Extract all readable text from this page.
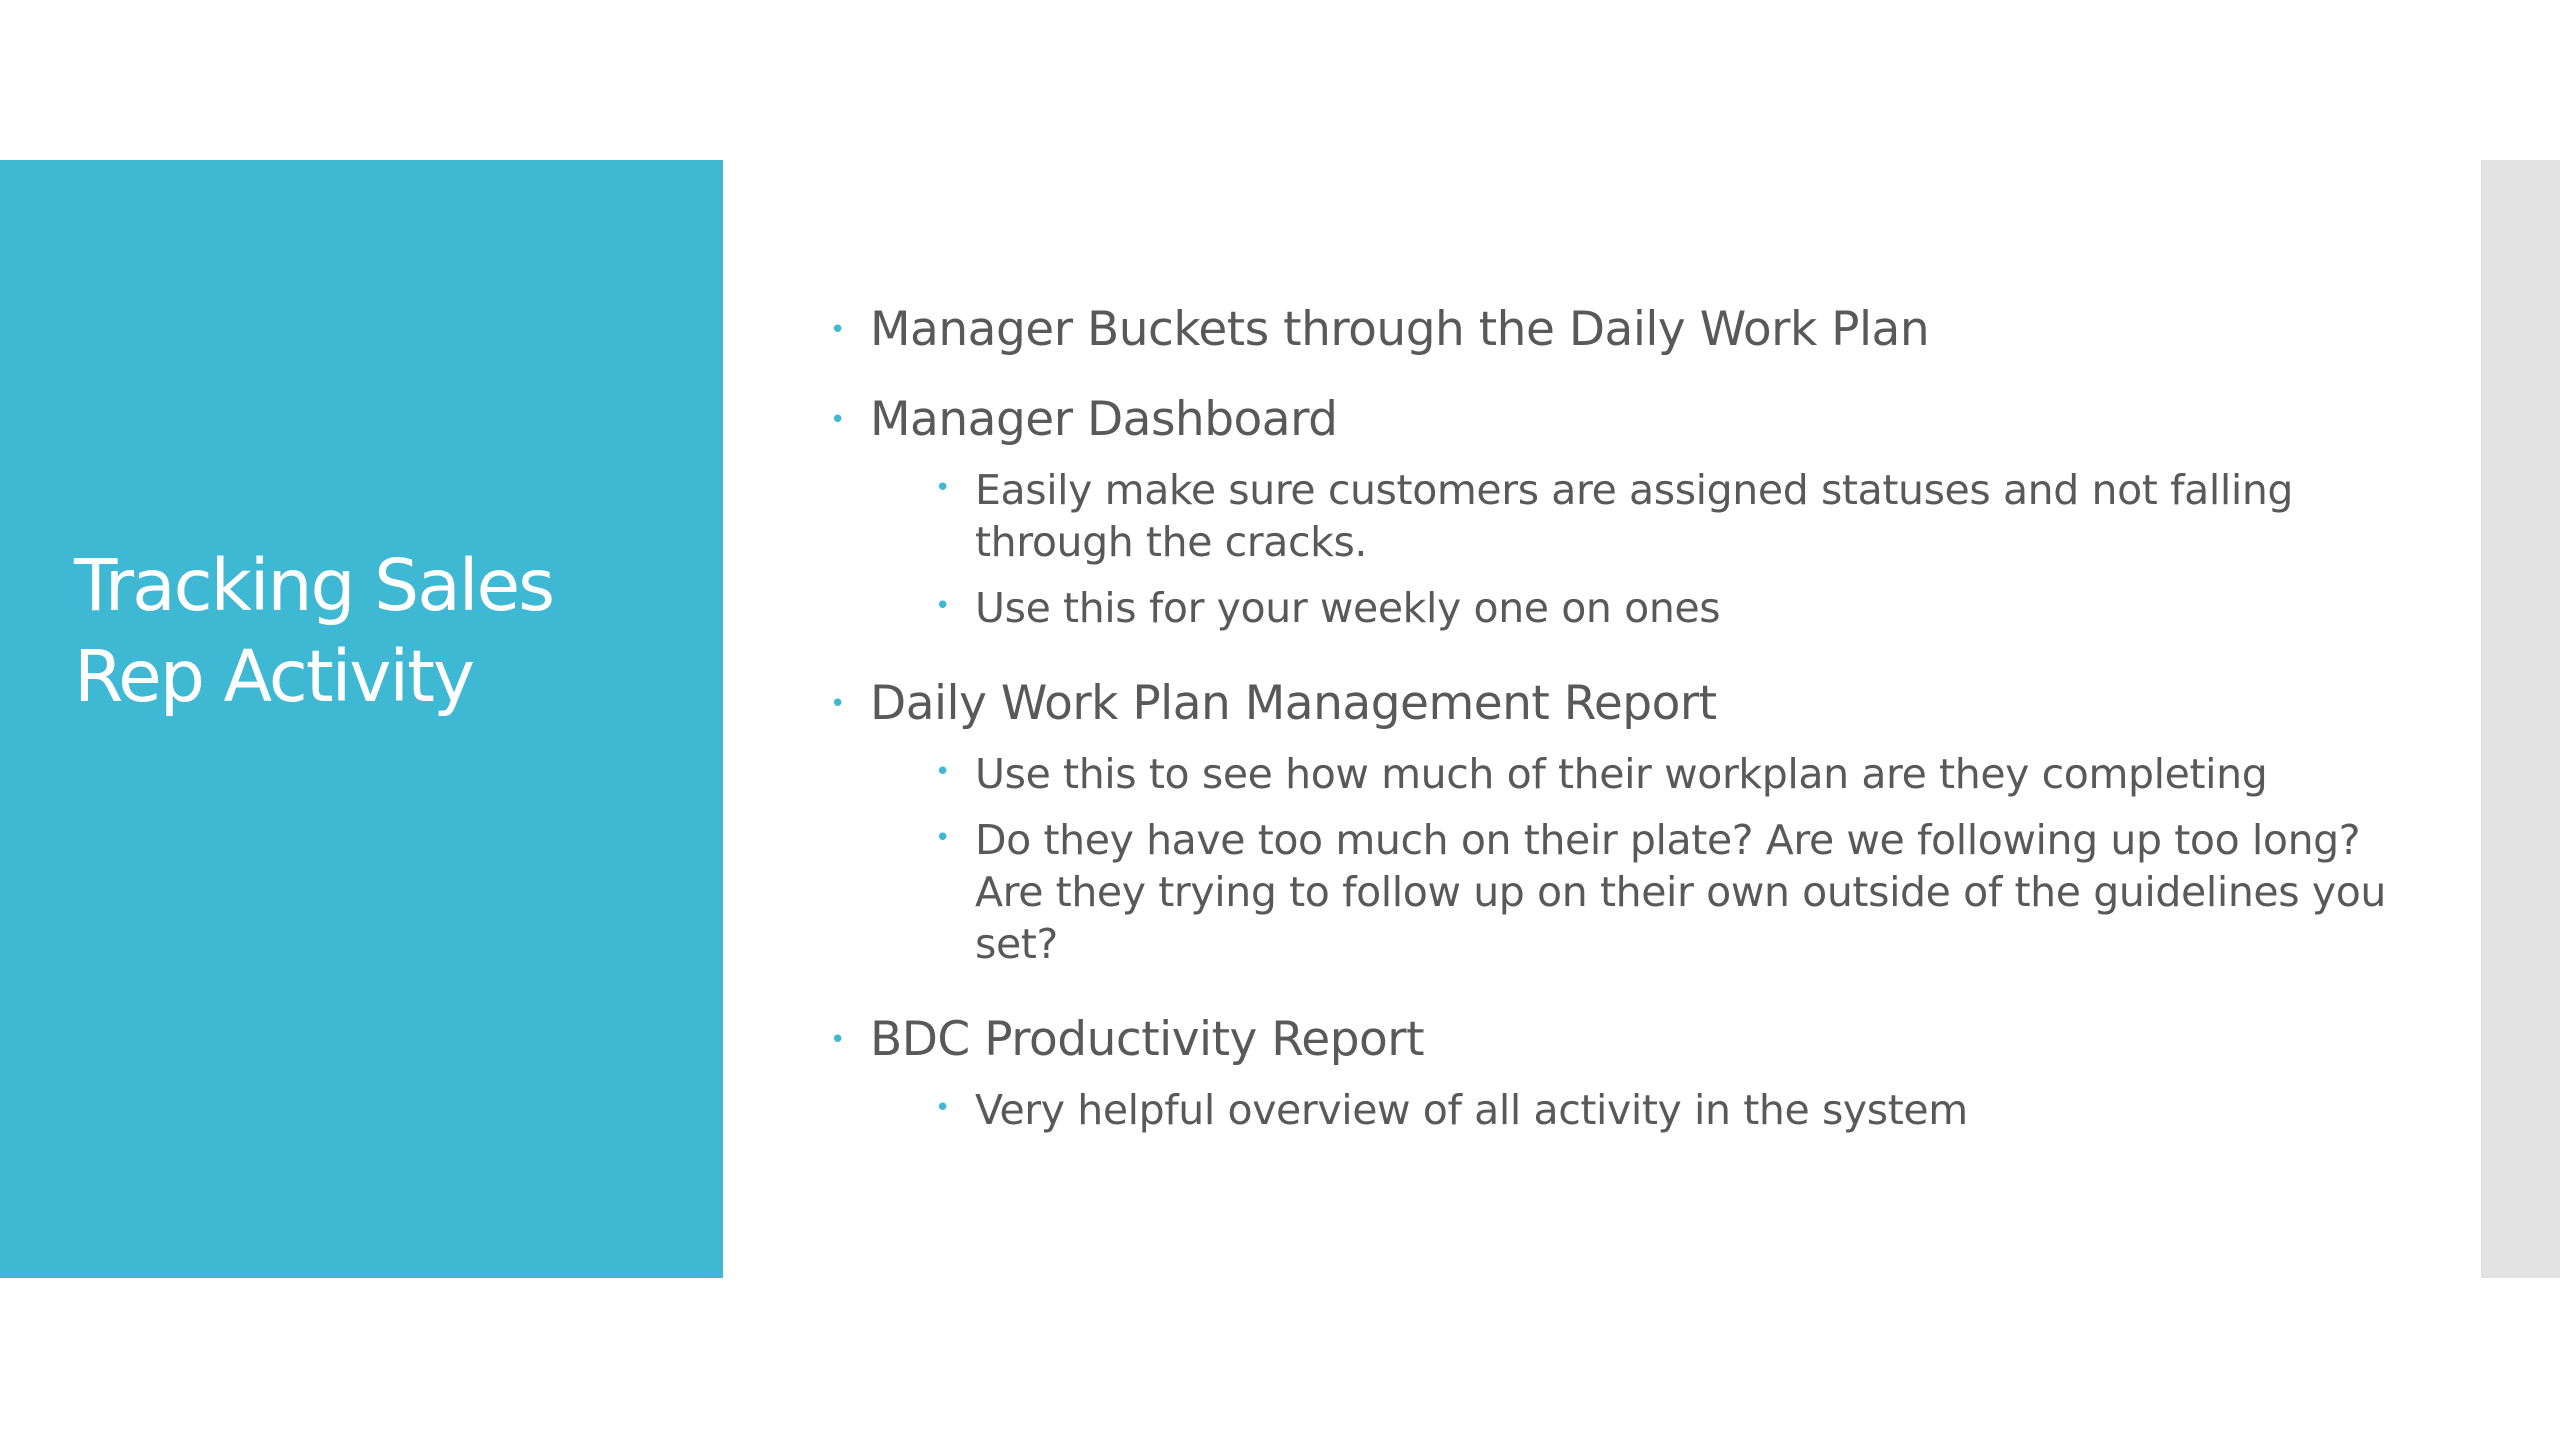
Tracking Sales
Rep Activity

• Manager Buckets through the Daily Work Plan

• Manager Dashboard

• Easily make sure customers are assigned statuses and not falling through the cracks.

• Use this for your weekly one on ones

• Daily Work Plan Management Report

• Use this to see how much of their workplan are they completing

• Do they have too much on their plate? Are we following up too long? Are they trying to follow up on their own outside of the guidelines you set?

• BDC Productivity Report

• Very helpful overview of all activity in the system
